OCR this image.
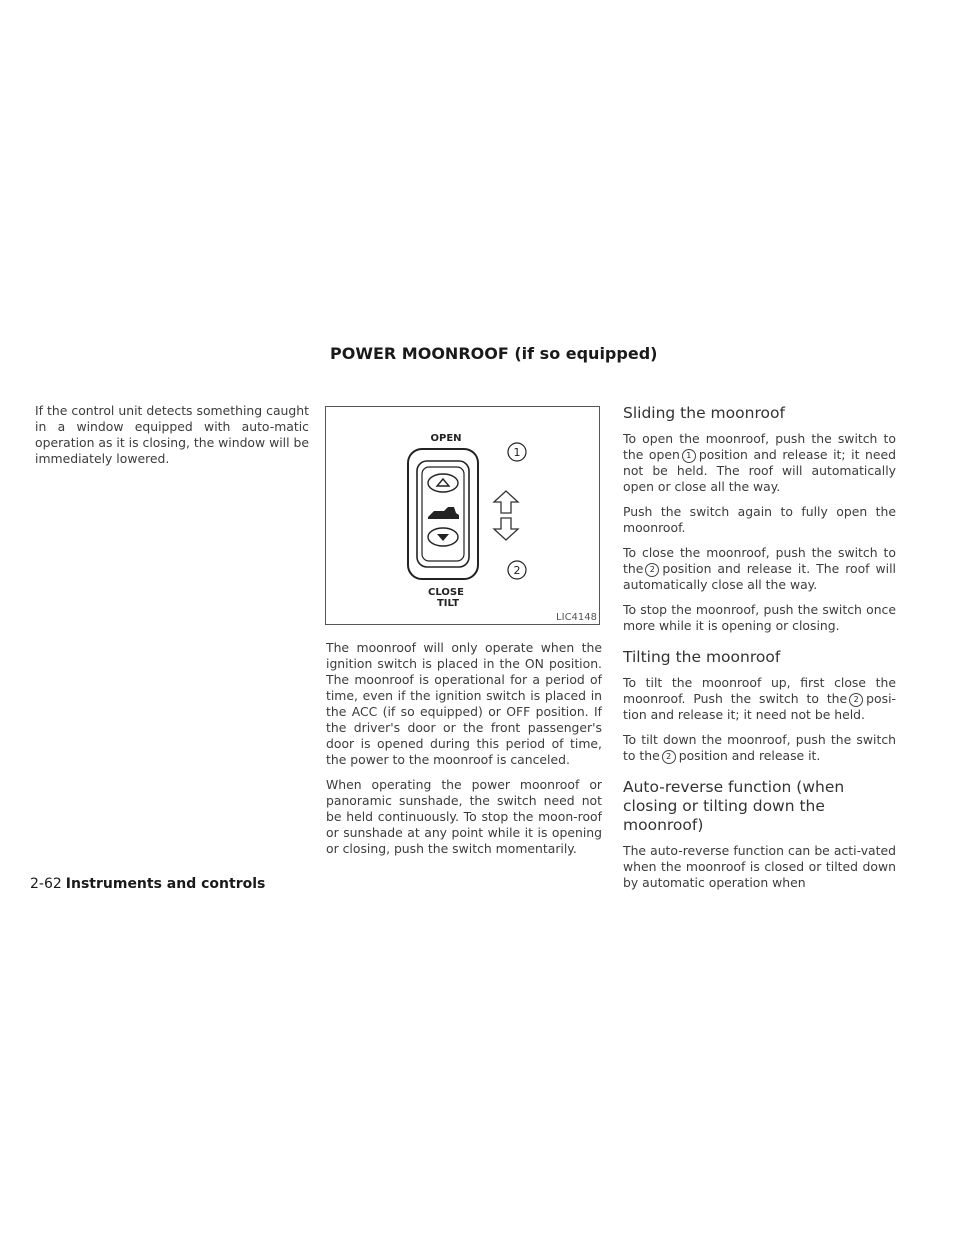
POWER MOONROOF (if so equipped)

If the control unit detects something caught in a window equipped with auto-matic operation as it is closing, the window will be immediately lowered.	1
2
OPEN
CLOSE
TILT
LIC4148

The moonroof will only operate when the ignition switch is placed in the ON position. The moonroof is operational for a period of time, even if the ignition switch is placed in the ACC (if so equipped) or OFF position. If the driver's door or the front passenger's door is opened during this period of time, the power to the moonroof is canceled.

When operating the power moonroof or panoramic sunshade, the switch need not be held continuously. To stop the moon-roof or sunshade at any point while it is opening or closing, push the switch momentarily.

Sliding the moonroof

To open the moonroof, push the switch to the open 1 position and release it; it need not be held. The roof will automatically open or close all the way.

Push the switch again to fully open the moonroof.

To close the moonroof, push the switch to the 2 position and release it. The roof will automatically close all the way.

To stop the moonroof, push the switch once more while it is opening or closing.

Tilting the moonroof

To tilt the moonroof up, first close the moonroof. Push the switch to the 2 posi-tion and release it; it need not be held.

To tilt down the moonroof, push the switch to the 2 position and release it.

Auto-reverse function (when closing or tilting down the moonroof)

The auto-reverse function can be acti-vated when the moonroof is closed or tilted down by automatic operation when

2-62 Instruments and controls
